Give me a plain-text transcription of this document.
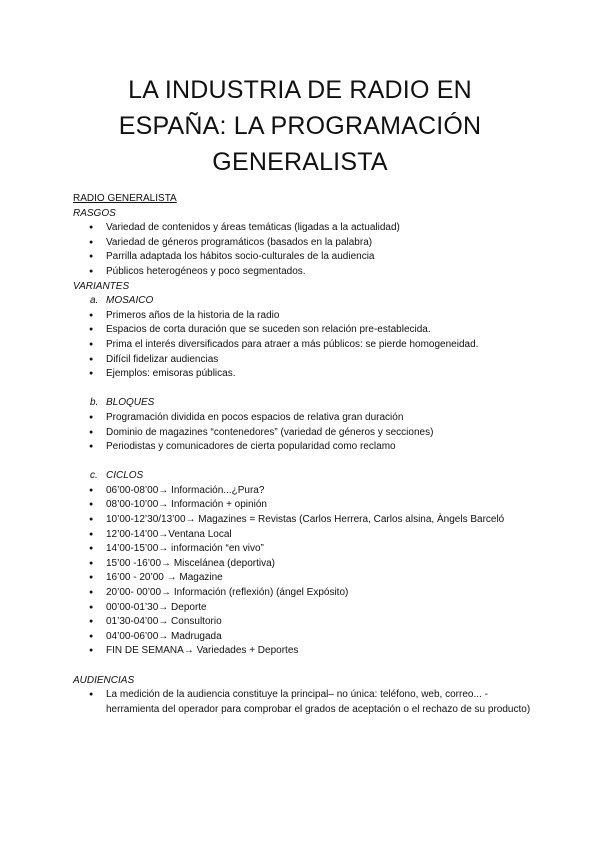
LA INDUSTRIA DE RADIO EN
ESPAÑA: LA PROGRAMACIÓN
GENERALISTA
RADIO GENERALISTA
RASGOS
● Variedad de contenidos y áreas temáticas (ligadas a la actualidad)
● Variedad de géneros programáticos (basados en la palabra)
● Parrilla adaptada los hábitos socio-culturales de la audiencia
● Públicos heterogéneos y poco segmentados.
VARIANTES
a. MOSAICO
● Primeros años de la historia de la radio
● Espacios de corta duración que se suceden son relación pre-establecida.
● Prima el interés diversificados para atraer a más públicos: se pierde homogeneidad.
● Difícil fidelizar audiencias
● Ejemplos: emisoras públicas.
b. BLOQUES
● Programación dividida en pocos espacios de relativa gran duración
● Dominio de magazines “contenedores” (variedad de géneros y secciones)
● Periodistas y comunicadores de cierta popularidad como reclamo
c. CICLOS
● 06’00-08’00→ Información...¿Pura?
● 08’00-10’00→ Información + opinión
● 10’00-12’30/13’00→ Magazines = Revistas (Carlos Herrera, Carlos alsina, Àngels Barceló
● 12’00-14’00→Ventana Local
● 14’00-15’00→ información “en vivo”
● 15’00 -16’00→ Miscelánea (deportiva)
● 16’00 - 20’00 → Magazine
● 20’00- 00’00→ Información (reflexión) (ángel Expósito)
● 00’00-01’30→ Deporte
● 01’30-04’00→ Consultorio
● 04’00-06’00→ Madrugada
● FIN DE SEMANA→ Variedades + Deportes
AUDIENCIAS
● La medición de la audiencia constituye la principal– no única: teléfono, web, correo... - herramienta del operador para comprobar el grados de aceptación o el rechazo de su producto)
